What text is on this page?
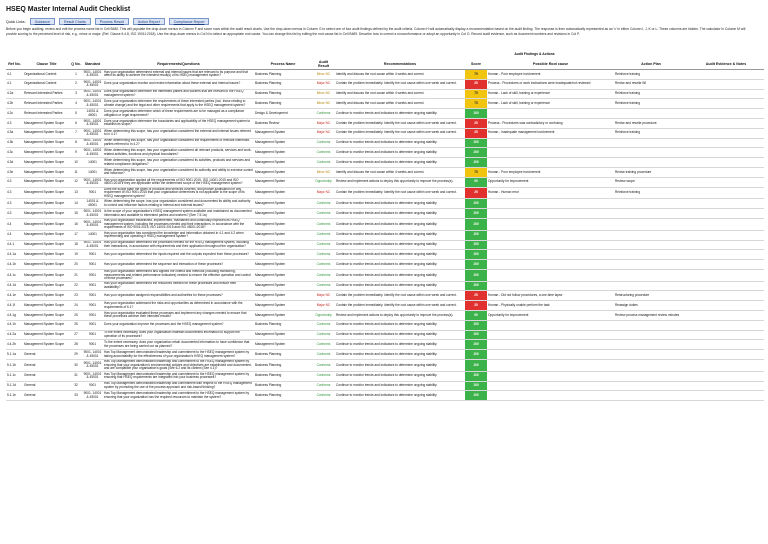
HSEQ Master Internal Audit Checklist
Quick Links:	Guidance	Result Charts	Process Result	Action Report	Compliance Report
Before you begin auditing, review and edit the process name list in Cell B480. This will populate the drop-down menus in Column F and score rows within the audit result charts. Use the drop-down menus in Column G to select one of four audit findings defined by the audit criteria. Column H will automatically display a recommendation based on the audit finding. The response is then automatically represented as an 'x' in either Column I, J, K or L. These columns are hidden. The calculator in Column M will provide scoring to the perceived level of risk, e.g., minor or major. (Ref. Clause 6.4.8, ISO 19011:2018). Use the drop-down menus in Col N to select an appropriate root cause. You can change this list by editing the root cause list in Cell B489. Describe how to correct a nonconformance or adopt an opportunity in Col O. Record audit evidence, such as document numbers and revisions in Col P.
Audit Findings & Actions
Ref No.	Clause Title	Q No.	Standard	Requirements/Questions	Process Name	Audit Result	Recommendations	Score	Possible Root cause	Action Plan	Audit Evidence & Notes
4.1	Organizational Context	1	9001, 14001 & 45001	Has your organization determined external and internal issues that are relevant to its purpose and that affect its ability to achieve the intended result(s) of its HSEQ management system?	Business Planning	Minor NC	Identify and discuss the root cause within 4 weeks and correct.	75	Human - Poor employee involvement	Reinforce training	
4.1	Organizational Context	2	9001, 14001 & 45001	Does your organization monitor and review information about these external and internal issues?	Business Planning	Major NC	Contain the problem immediately. Identify the root cause within one week and correct.	25	Process - Procedures or work instructions were inadequate/not reviewed	Revise and rewrite WI	
4.2a	Relevant Interested Parties	3	9001, 14001 & 45001	Does your organization determine the interested parties and workers that are relevant to the HSEQ management system?	Business Planning	Minor NC	Identify and discuss the root cause within 4 weeks and correct.	75	Human - Lack of skill, training or experience	Reinforce training	
4.2b	Relevant Interested Parties	4	9001, 14001 & 45001	Does your organization determine the requirements of these interested parties (incl. those relating to climate change) and the legal and other requirements that apply to the HSEQ management system?	Business Planning	Minor NC	Identify and discuss the root cause within 4 weeks and correct.	75	Human - Lack of skill, training or experience	Reinforce training	
4.2c	Relevant Interested Parties	5	14001 & 45001	Does your organization determine which of these requirements are to be managed as a compliance obligation or legal requirement?	Design & Development	Conforms	Continue to monitor trends and indicators to determine ongoing stability.	100			
4.3	Management System Scope	6	9001, 14001 & 45001	Does your organization determine the boundaries and applicability of the HSEQ management system to establish its scope?	Business Review	Major NC	Contain the problem immediately. Identify the root cause within one week and correct.	25	Process - Procedures was contradictory or confusing	Revise and rewrite procedure	
4.3a	Management System Scope	7	9001, 14001 & 45001	When determining this scope, has your organization considered the external and internal issues referred to in 4.1?	Management System	Major NC	Contain the problem immediately. Identify the root cause within one week and correct.	25	Human - Inadequate management involvement	Reinforce training	
4.3b	Management System Scope	8	9001, 14001 & 45001	When determining this scope, has your organization considered the requirements of relevant interested parties referred to in 4.2?	Management System	Conforms	Continue to monitor trends and indicators to determine ongoing stability.	100			
4.3c	Management System Scope	9	9001, 14001 & 45001	When determining this scope, has your organization considered all relevant products, services and work-related activities, functions and physical boundaries?	Management System	Conforms	Continue to monitor trends and indicators to determine ongoing stability.	100			
4.3d	Management System Scope	10	14001	When determining this scope, has your organization considered its activities, products and services and related compliance obligations?	Management System	Conforms	Continue to monitor trends and indicators to determine ongoing stability.	100			
4.3e	Management System Scope	11	14001	When determining this scope, has your organization considered its authority and ability to exercise control and influence?	Management System	Minor NC	Identify and discuss the root cause within 4 weeks and correct.	75	Human - Poor employee involvement	Revise training procedure	
4.3	Management System Scope	12	9001, 14001 & 45001	Has your organization applied all the requirements of ISO 9001:2015, ISO 14001:2015 and ISO 45001:2018 if they are applicable within the determined scope of the HSEQ management system?	Management System	Opportunity	Review and implement actions to deploy this opportunity to improve the process(s).	90	Opportunity for improvement	Review scope	
4.3	Management System Scope	13	9001	Does the scope state the types of products and services covered, and provide justification for any requirement of ISO 9001:2015 that your organization determines is not applicable to the scope of its HSEQ management system?	Management System	Major NC	Contain the problem immediately. Identify the root cause within one week and correct.	25	Human - Human error	Reinforce training	
4.3	Management System Scope	14	14001 & 45001	When determining the scope, has your organization considered and documented its ability and authority to control and influence factors relating to internal and external issues?	Management System	Conforms	Continue to monitor trends and indicators to determine ongoing stability.	100			
4.3	Management System Scope	15	9001, 14001 & 45001	Is the scope of your organization's HSEQ management system available and maintained as documented information and available to interested parties and workers? (See 7.5.1a)	Management System	Conforms	Continue to monitor trends and indicators to determine ongoing stability.	100			
4.4	Management System Scope	16	9001, 14001 & 45001	Has your organization established, implemented, maintained and continually improved its HSEQ management system, including the processes needed and their interactions, in accordance with the requirements of ISO 9001:2015, ISO 14001:2015 and ISO 45001:2018?	Management System	Conforms	Continue to monitor trends and indicators to determine ongoing stability.	100			
4.4	Management System Scope	17	14001	Has your organization has considered the knowledge and information obtained in 4.1 and 4.2 when implementing and operating it HSEQ management system?	Management System	Conforms	Continue to monitor trends and indicators to determine ongoing stability.	100			
4.4.1	Management System Scope	18	9001, 14001 & 45001	Has your organization determined the processes needed for the HSEQ management system, including their interactions, in accordance with requirements and their application throughout the organization?	Management System	Conforms	Continue to monitor trends and indicators to determine ongoing stability.	100			
4.4.1a	Management System Scope	19	9001	Has your organization determined the inputs required and the outputs expected from these processes?	Management System	Conforms	Continue to monitor trends and indicators to determine ongoing stability.	100			
4.4.1b	Management System Scope	20	9001	Has your organization determined the sequence and interaction of these processes?	Management System	Conforms	Continue to monitor trends and indicators to determine ongoing stability.	100			
4.4.1c	Management System Scope	21	9001	Has your organization determined and applied the criteria and methods (including monitoring, measurements and related performance indicators) needed to ensure the effective operation and control of these processes?	Management System	Conforms	Continue to monitor trends and indicators to determine ongoing stability.	100			
4.4.1d	Management System Scope	22	9001	Has your organization determined the resources needed for these processes and ensure their availability?	Management System	Conforms	Continue to monitor trends and indicators to determine ongoing stability.	100			
4.4.1e	Management System Scope	23	9001	Has your organization assigned responsibilities and authorities for these processes?	Management System	Major NC	Contain the problem immediately. Identify the root cause within one week and correct.	25	Human - Did not follow procedures, a one-time lapse	Restructuring procedure	
4.4.1f	Management System Scope	24	9001	Has your organization addressed the risks and opportunities as determined in accordance with the requirements of 6.1?	Management System	Major NC	Contain the problem immediately. Identify the root cause within one week and correct.	25	Human - Physically unable perform the task	Reassign duties	
4.4.1g	Management System Scope	25	9001	Has your organization evaluated these processes and implement any changes needed to ensure that these processes achieve their intended results?	Management System	Opportunity	Review and implement actions to deploy this opportunity to improve the process(s).	90	Opportunity for improvement	Review process management review minutes	
4.4.1h	Management System Scope	26	9001	Does your organization improve the processes and the HSEQ management system?	Business Planning	Conforms	Continue to monitor trends and indicators to determine ongoing stability.	100			
4.4.2a	Management System Scope	27	9001	To the extent necessary, does your organization maintain documented information to support the operation of its processes?	Management System	Conforms	Continue to monitor trends and indicators to determine ongoing stability.	100			
4.4.2b	Management System Scope	28	9001	To the extent necessary, does your organization retain documented information to have confidence that the processes are being carried out as planned?	Management System	Conforms	Continue to monitor trends and indicators to determine ongoing stability.	100			
5.1.1a	General	29	9001, 14001 & 45001	Has Top Management demonstrated leadership and commitment to the HSEQ management system by taking accountability for the effectiveness of your organization's HSEQ management system?	Business Planning	Conforms	Continue to monitor trends and indicators to determine ongoing stability.	100			
5.1.1b	General	30	9001, 14001 & 45001	Has Top Management demonstrated leadership and commitment to the HSEQ management system by ensuring that your organization's environmental policies and objectives are established and documented, and are compatible your organization's goals (See 6.2 and its context (See 4.1)?	Business Planning	Conforms	Continue to monitor trends and indicators to determine ongoing stability.	100			
5.1.1c	General	31	9001, 14001 & 45001	Has Top Management demonstrated leadership and commitment to the HSEQ management system by ensuring that HSEQ requirements are integrated into your business processes?	Business Planning	Conforms	Continue to monitor trends and indicators to determine ongoing stability.	100			
5.1.1d	General	32	9001	Has Top Management demonstrated leadership and commitment with respect to the HSEQ management system by promoting the use of the process approach and risk-based thinking?	Business Planning	Conforms	Continue to monitor trends and indicators to determine ongoing stability.	100			
5.1.1e	General	33	9001, 14001 & 45001	Has Top Management demonstrated leadership and commitment to the HSEQ management system by ensuring that your organization has the required resources to maintain the system?	Business Planning	Conforms	Continue to monitor trends and indicators to determine ongoing stability.	100			
